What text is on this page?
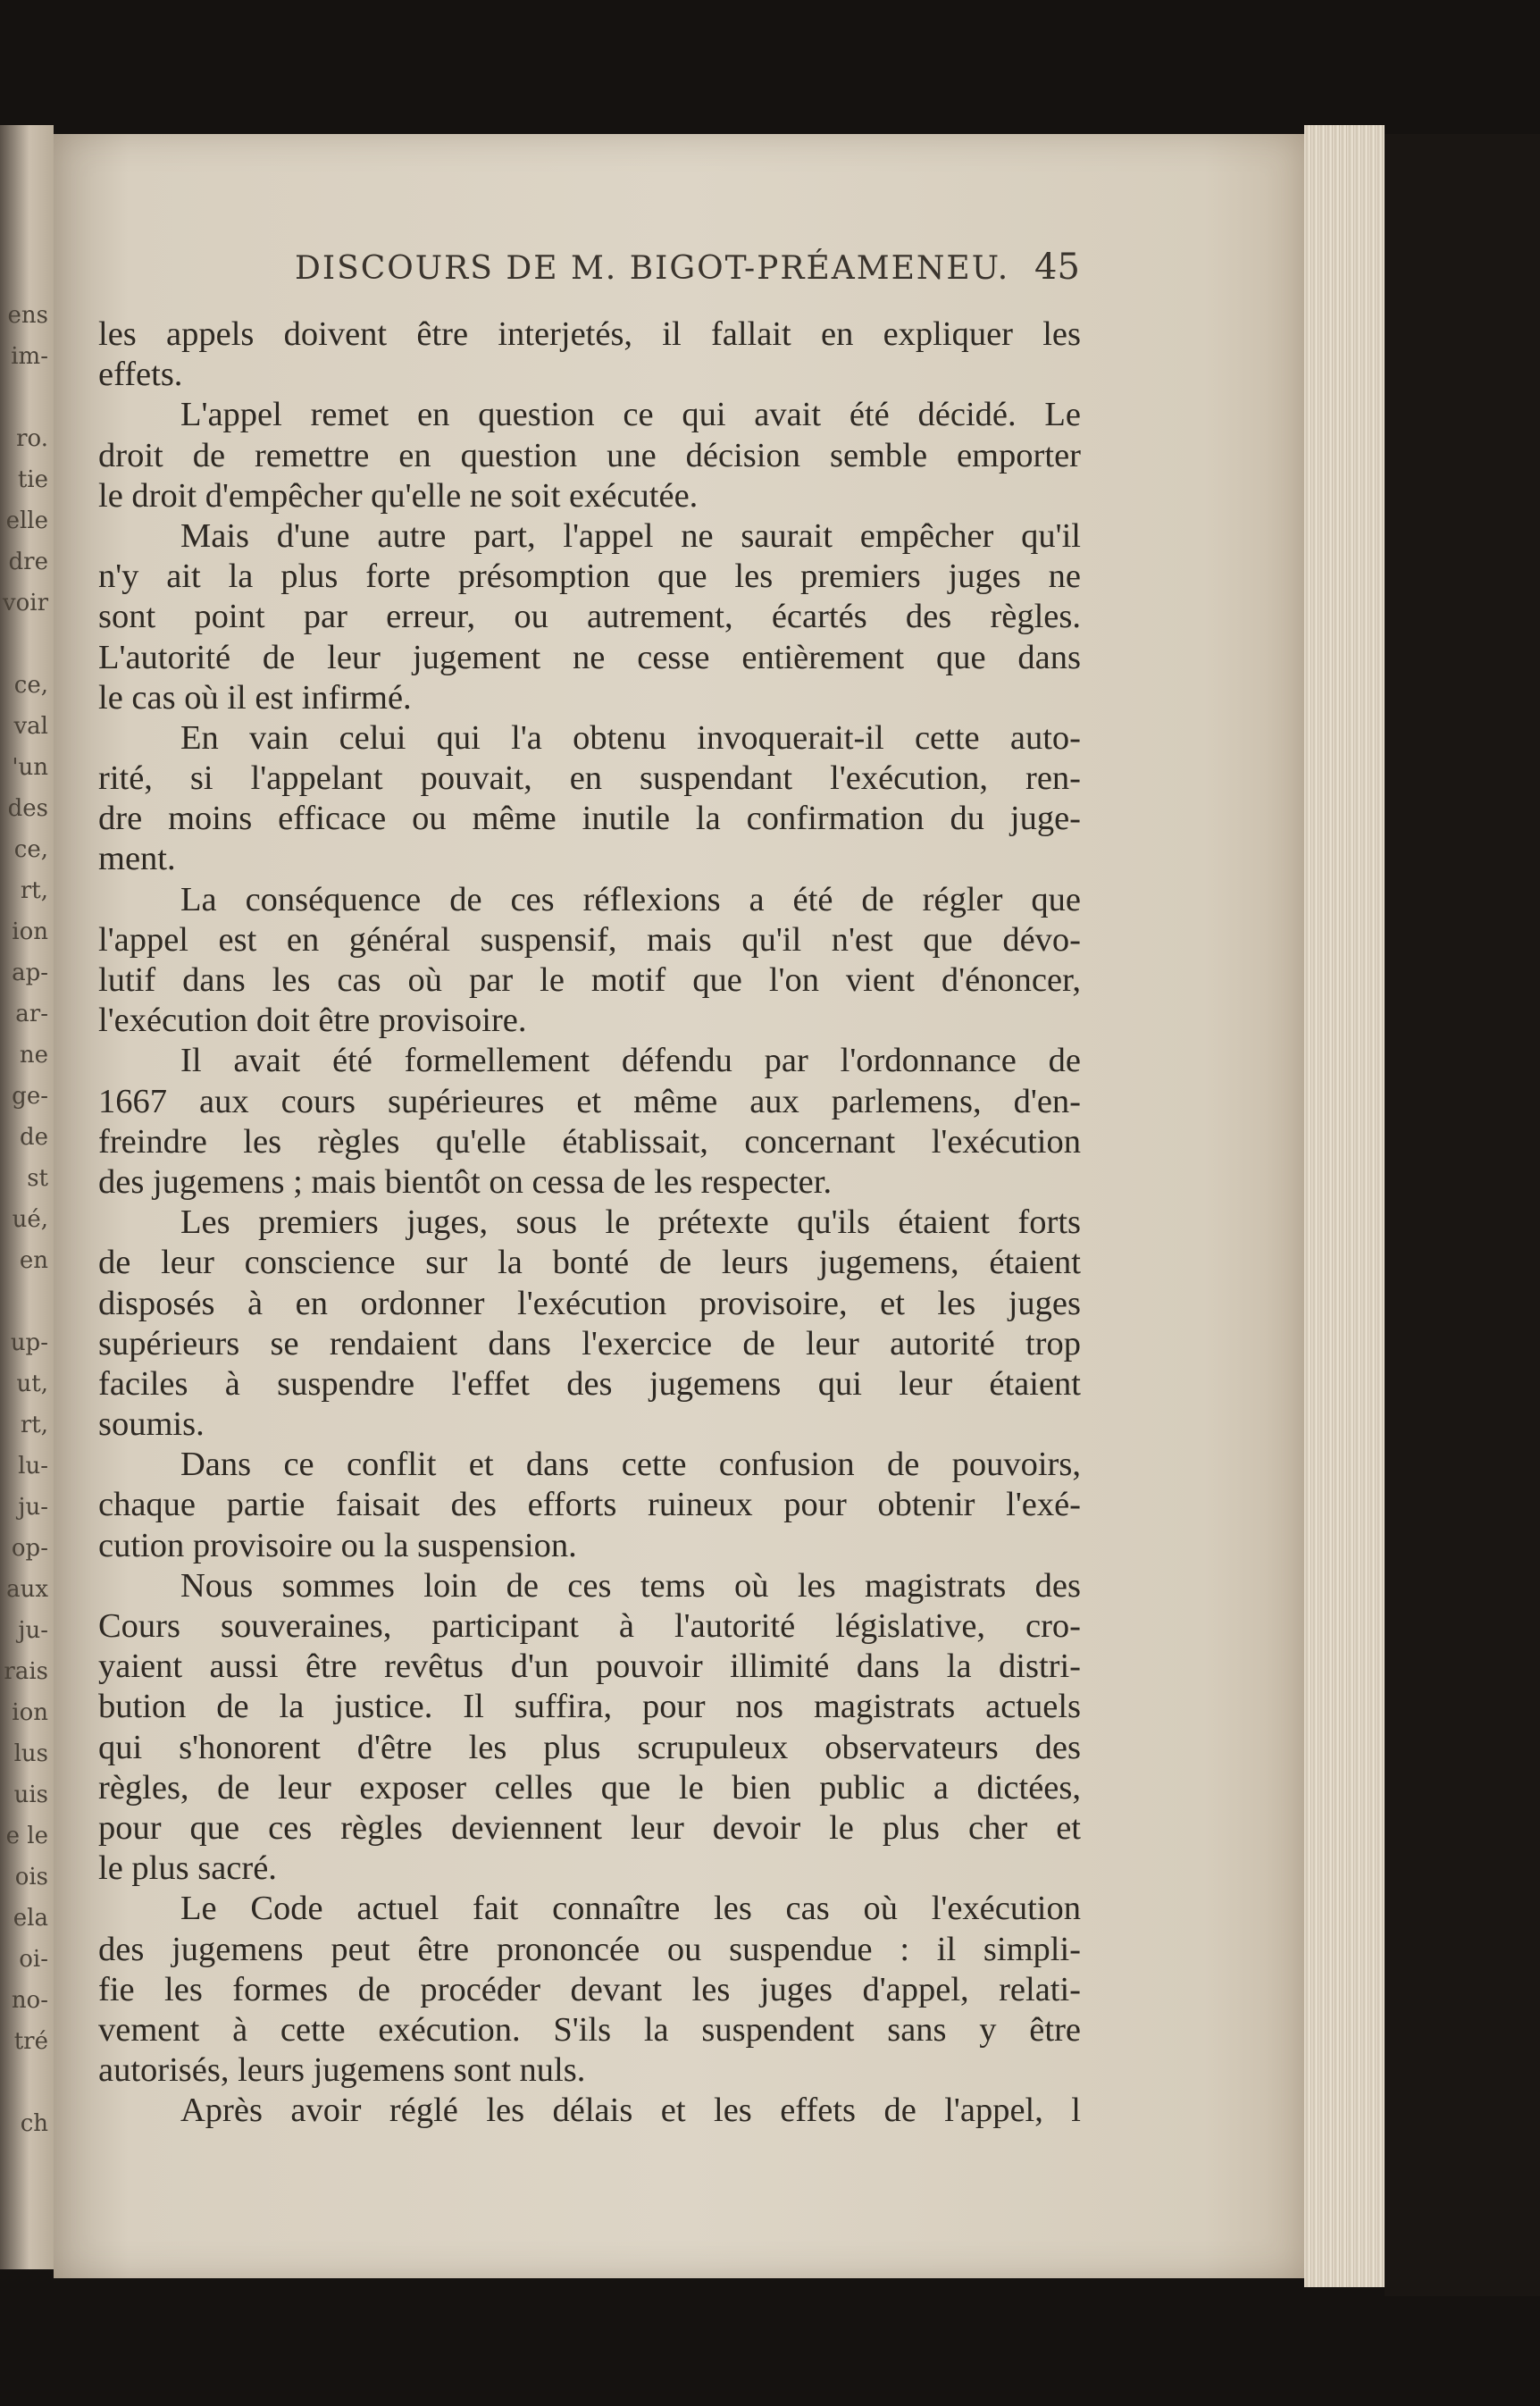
ens
im-
ro.
tie
elle
dre
voir
ce,
val
'un
des
ce,
rt,
ion
ap-
ar-
ne
ge-
de
st
ué,
en
up-
ut,
rt,
lu-
ju-
op-
aux
ju-
rais
ion
lus
uis
e le
ois
ela
oi-
no-
tré
ch
DISCOURS DE M. BIGOT-PRÉAMENEU. 45
les appels doivent être interjetés, il fallait en expliquer les
effets.
L'appel remet en question ce qui avait été décidé. Le
droit de remettre en question une décision semble emporter
le droit d'empêcher qu'elle ne soit exécutée.
Mais d'une autre part, l'appel ne saurait empêcher qu'il
n'y ait la plus forte présomption que les premiers juges ne
sont point par erreur, ou autrement, écartés des règles.
L'autorité de leur jugement ne cesse entièrement que dans
le cas où il est infirmé.
En vain celui qui l'a obtenu invoquerait-il cette auto-
rité, si l'appelant pouvait, en suspendant l'exécution, ren-
dre moins efficace ou même inutile la confirmation du juge-
ment.
La conséquence de ces réflexions a été de régler que
l'appel est en général suspensif, mais qu'il n'est que dévo-
lutif dans les cas où par le motif que l'on vient d'énoncer,
l'exécution doit être provisoire.
Il avait été formellement défendu par l'ordonnance de
1667 aux cours supérieures et même aux parlemens, d'en-
freindre les règles qu'elle établissait, concernant l'exécution
des jugemens ; mais bientôt on cessa de les respecter.
Les premiers juges, sous le prétexte qu'ils étaient forts
de leur conscience sur la bonté de leurs jugemens, étaient
disposés à en ordonner l'exécution provisoire, et les juges
supérieurs se rendaient dans l'exercice de leur autorité trop
faciles à suspendre l'effet des jugemens qui leur étaient
soumis.
Dans ce conflit et dans cette confusion de pouvoirs,
chaque partie faisait des efforts ruineux pour obtenir l'exé-
cution provisoire ou la suspension.
Nous sommes loin de ces tems où les magistrats des
Cours souveraines, participant à l'autorité législative, cro-
yaient aussi être revêtus d'un pouvoir illimité dans la distri-
bution de la justice. Il suffira, pour nos magistrats actuels
qui s'honorent d'être les plus scrupuleux observateurs des
règles, de leur exposer celles que le bien public a dictées,
pour que ces règles deviennent leur devoir le plus cher et
le plus sacré.
Le Code actuel fait connaître les cas où l'exécution
des jugemens peut être prononcée ou suspendue : il simpli-
fie les formes de procéder devant les juges d'appel, relati-
vement à cette exécution. S'ils la suspendent sans y être
autorisés, leurs jugemens sont nuls.
Après avoir réglé les délais et les effets de l'appel, l
